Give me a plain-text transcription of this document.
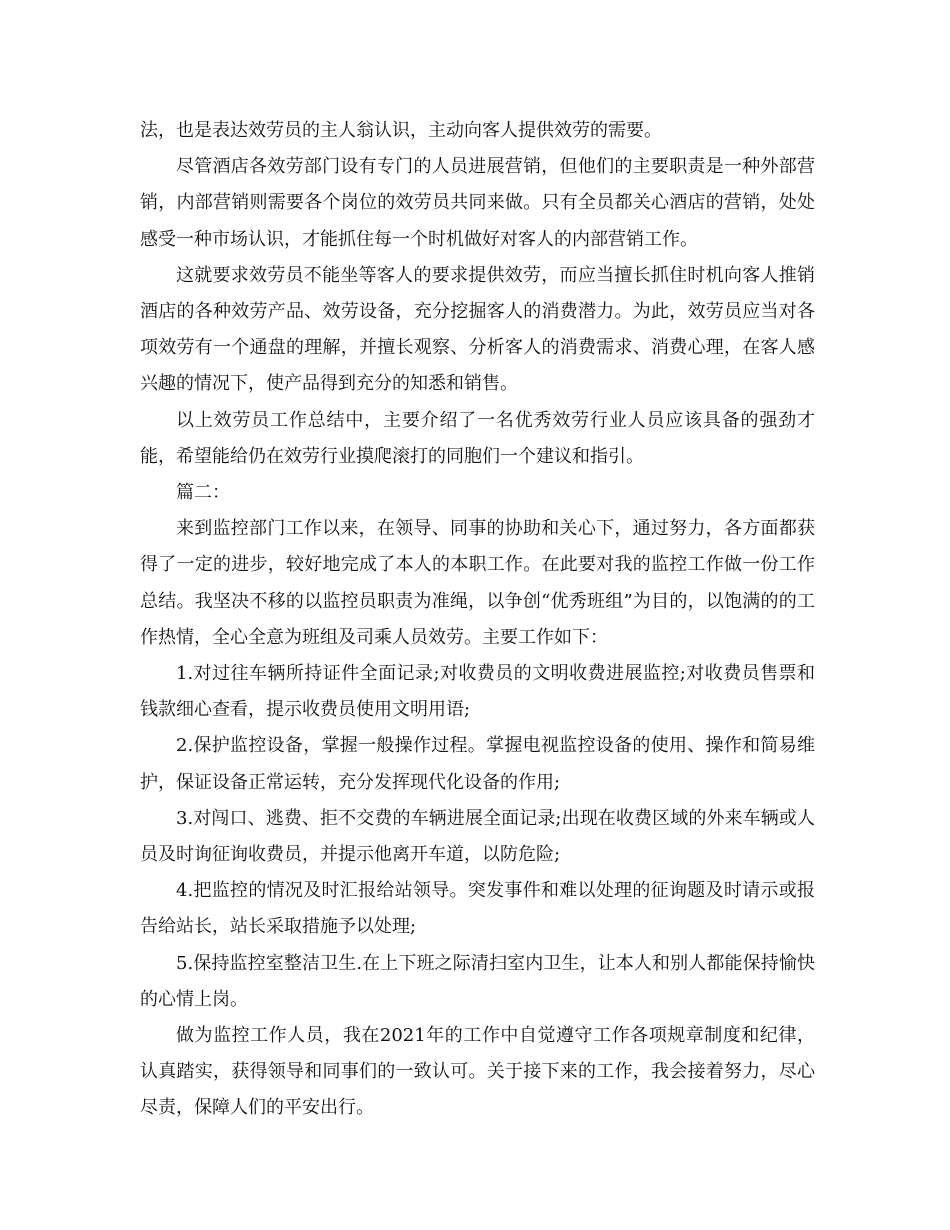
法，也是表达效劳员的主人翁认识，主动向客人提供效劳的需要。

尽管酒店各效劳部门设有专门的人员进展营销，但他们的主要职责是一种外部营销，内部营销则需要各个岗位的效劳员共同来做。只有全员都关心酒店的营销，处处感受一种市场认识，才能抓住每一个时机做好对客人的内部营销工作。

这就要求效劳员不能坐等客人的要求提供效劳，而应当擅长抓住时机向客人推销酒店的各种效劳产品、效劳设备，充分挖掘客人的消费潜力。为此，效劳员应当对各项效劳有一个通盘的理解，并擅长观察、分析客人的消费需求、消费心理，在客人感兴趣的情况下，使产品得到充分的知悉和销售。

以上效劳员工作总结中，主要介绍了一名优秀效劳行业人员应该具备的强劲才能，希望能给仍在效劳行业摸爬滚打的同胞们一个建议和指引。

篇二：

来到监控部门工作以来，在领导、同事的协助和关心下，通过努力，各方面都获得了一定的进步，较好地完成了本人的本职工作。在此要对我的监控工作做一份工作总结。我坚决不移的以监控员职责为准绳，以争创“优秀班组”为目的，以饱满的的工作热情，全心全意为班组及司乘人员效劳。主要工作如下：

1.对过往车辆所持证件全面记录;对收费员的文明收费进展监控;对收费员售票和钱款细心查看，提示收费员使用文明用语;

2.保护监控设备，掌握一般操作过程。掌握电视监控设备的使用、操作和简易维护，保证设备正常运转，充分发挥现代化设备的作用;

3.对闯口、逃费、拒不交费的车辆进展全面记录;出现在收费区域的外来车辆或人员及时询征询收费员，并提示他离开车道，以防危险;

4.把监控的情况及时汇报给站领导。突发事件和难以处理的征询题及时请示或报告给站长，站长采取措施予以处理;

5.保持监控室整洁卫生.在上下班之际清扫室内卫生，让本人和别人都能保持愉快的心情上岗。

做为监控工作人员，我在2021年的工作中自觉遵守工作各项规章制度和纪律，认真踏实，获得领导和同事们的一致认可。关于接下来的工作，我会接着努力，尽心尽责，保障人们的平安出行。
